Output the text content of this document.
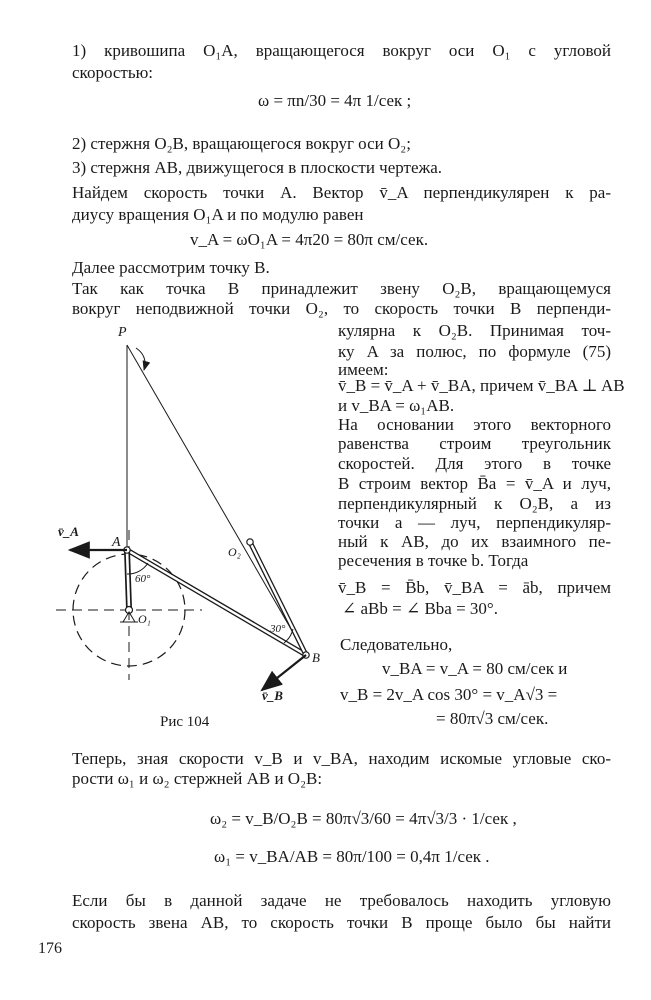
1) кривошипа O₁A, вращающегося вокруг оси O₁ с угловой
скоростью:
ω = πn/30 = 4π 1/сек ;
2) стержня O₂B, вращающегося вокруг оси O₂;
3) стержня AB, движущегося в плоскости чертежа.
Найдем скорость точки A. Вектор v̄_A перпендикулярен к ра-
диусу вращения O₁A и по модулю равен
v_A = ωO₁A = 4π20 = 80π см/сек.
Далее рассмотрим точку B.
Так как точка B принадлежит звену O₂B, вращающемуся
вокруг неподвижной точки O₂, то скорость точки B перпенди-
кулярна к O₂B. Принимая точ-
ку A за полюс, по формуле (75)
имеем:
v̄_B = v̄_A + v̄_BA, причем v̄_BA ⊥ AB
и v_BA = ω₁AB.
На основании этого векторного
равенства строим треугольник
скоростей. Для этого в точке
B строим вектор B̄a = v̄_A и луч,
перпендикулярный к O₂B, а из
точки a — луч, перпендикуляр-
ный к AB, до их взаимного пе-
ресечения в точке b. Тогда
v̄_B = B̄b, v̄_BA = āb, причем
∠ aBb = ∠ Bba = 30°.
Следовательно,
v_BA = v_A = 80 см/сек и
v_B = 2v_A cos 30° = v_A√3 =
= 80π√3 см/сек.
Теперь, зная скорости v_B и v_BA, находим искомые угловые ско-
рости ω₁ и ω₂ стержней AB и O₂B:
ω₂ = v_B/O₂B = 80π√3/60 = 4π√3/3 · 1/сек ,
ω₁ = v_BA/AB = 80π/100 = 0,4π 1/сек .
Если бы в данной задаче не требовалось находить угловую
скорость звена AB, то скорость точки B проще было бы найти
P
A
B
O₁
O₂
v̄_A
v̄_B
60°
30°
Рис 104
176
